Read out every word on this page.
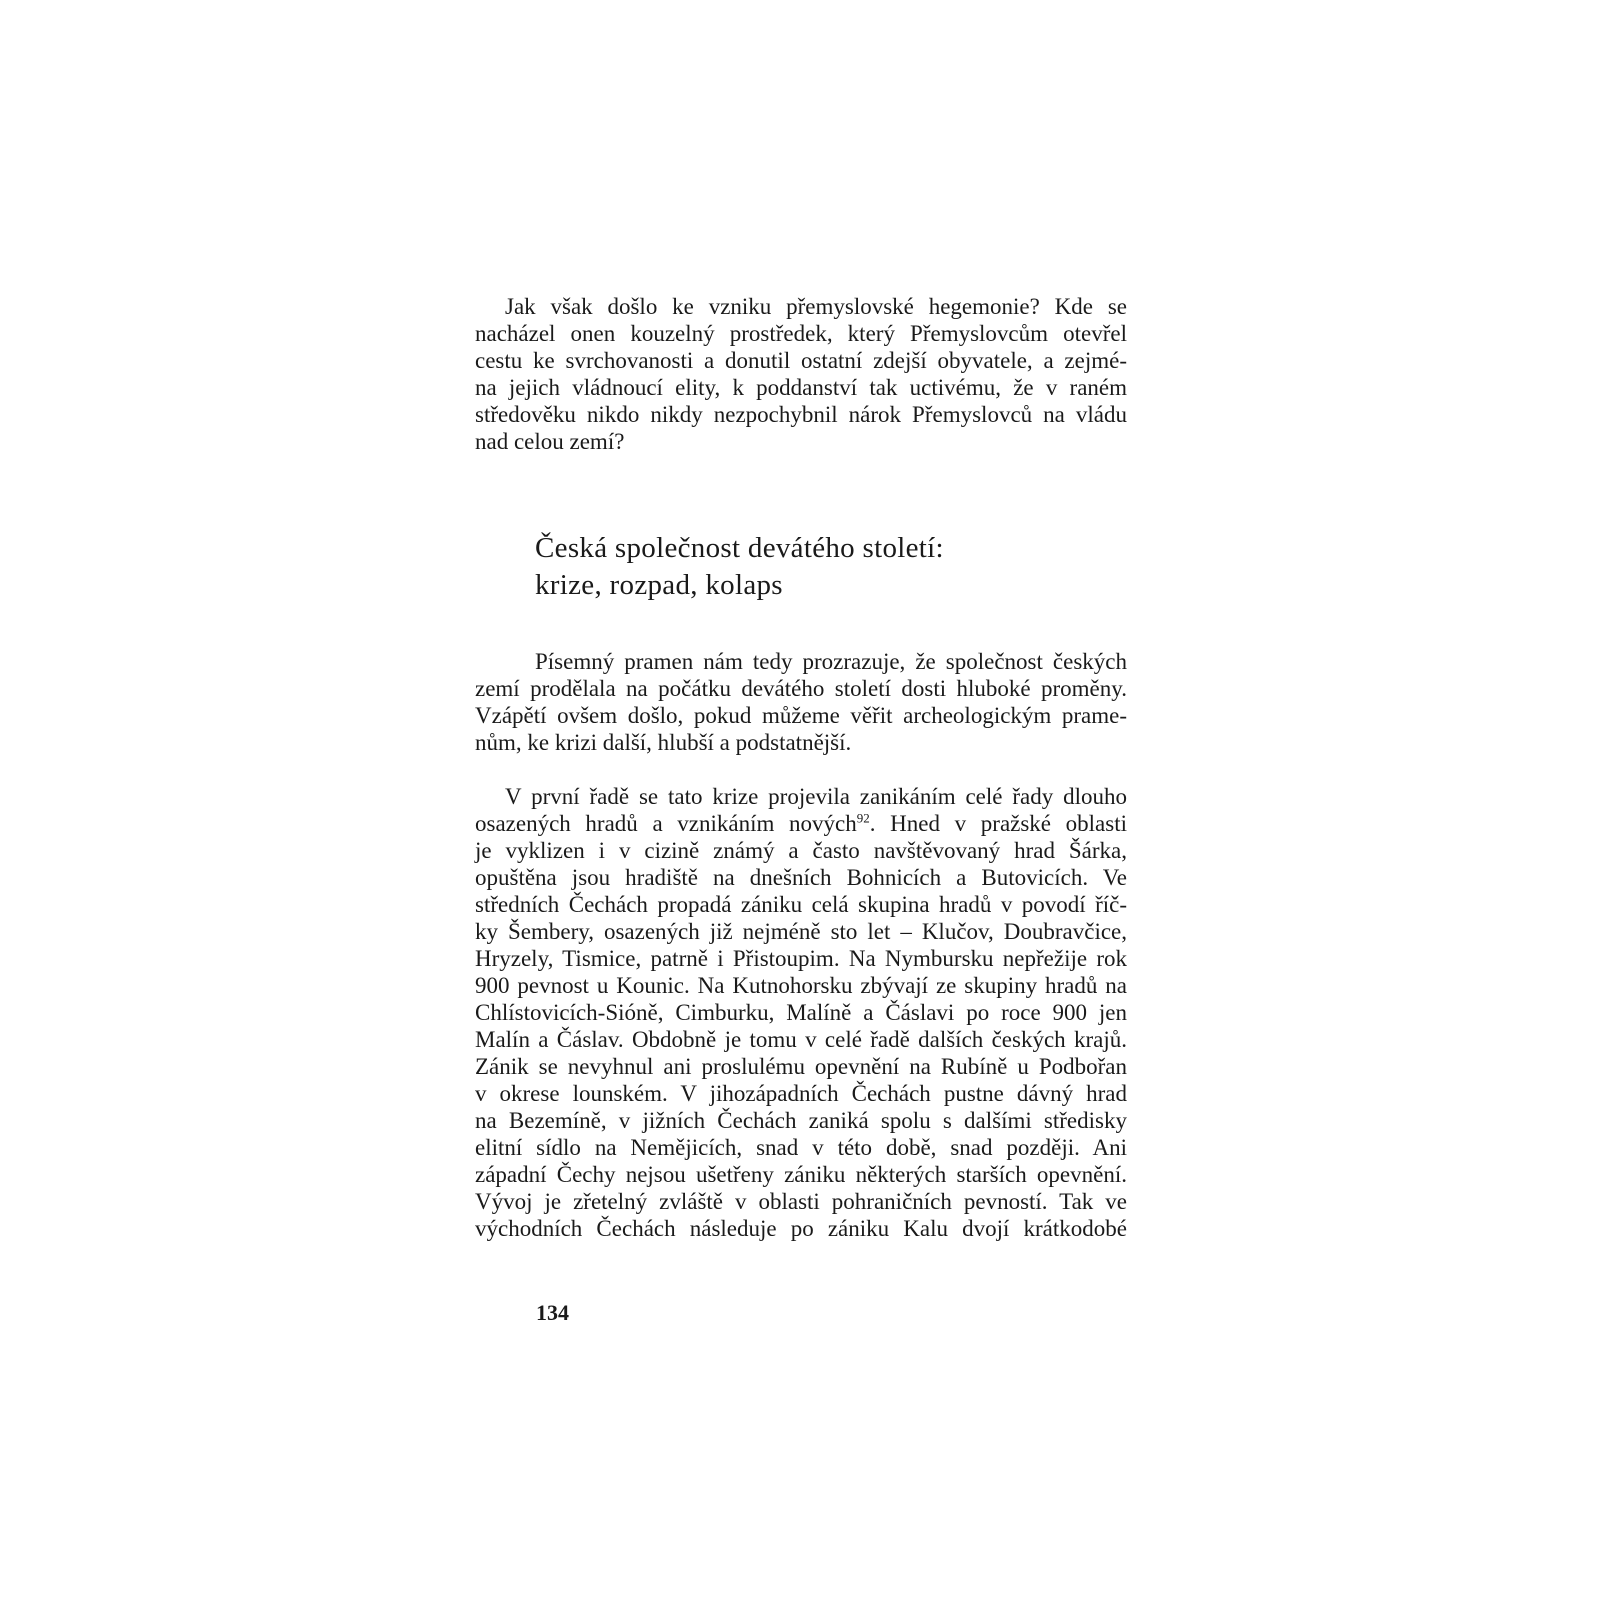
Jak však došlo ke vzniku přemyslovské hegemonie? Kde se
nacházel onen kouzelný prostředek, který Přemyslovcům otevřel
cestu ke svrchovanosti a donutil ostatní zdejší obyvatele, a zejmé-
na jejich vládnoucí elity, k poddanství tak uctivému, že v raném
středověku nikdo nikdy nezpochybnil nárok Přemyslovců na vládu
nad celou zemí?
Česká společnost devátého století:
krize, rozpad, kolaps
Písemný pramen nám tedy prozrazuje, že společnost českých
zemí prodělala na počátku devátého století dosti hluboké proměny.
Vzápětí ovšem došlo, pokud můžeme věřit archeologickým prame-
nům, ke krizi další, hlubší a podstatnější.
V první řadě se tato krize projevila zanikáním celé řady dlouho
osazených hradů a vznikáním nových$^{92}$. Hned v pražské oblasti
je vyklizen i v cizině známý a často navštěvovaný hrad Šárka,
opuštěna jsou hradiště na dnešních Bohnicích a Butovicích. Ve
středních Čechách propadá zániku celá skupina hradů v povodí říč-
ky Šembery, osazených již nejméně sto let – Klučov, Doubravčice,
Hryzely, Tismice, patrně i Přistoupim. Na Nymbursku nepřežije rok
900 pevnost u Kounic. Na Kutnohorsku zbývají ze skupiny hradů na
Chlístovicích-Sióně, Cimburku, Malíně a Čáslavi po roce 900 jen
Malín a Čáslav. Obdobně je tomu v celé řadě dalších českých krajů.
Zánik se nevyhnul ani proslulému opevnění na Rubíně u Podbořan
v okrese lounském. V jihozápadních Čechách pustne dávný hrad
na Bezemíně, v jižních Čechách zaniká spolu s dalšími středisky
elitní sídlo na Nemějicích, snad v této době, snad později. Ani
západní Čechy nejsou ušetřeny zániku některých starších opevnění.
Vývoj je zřetelný zvláště v oblasti pohraničních pevností. Tak ve
východních Čechách následuje po zániku Kalu dvojí krátkodobé
134
